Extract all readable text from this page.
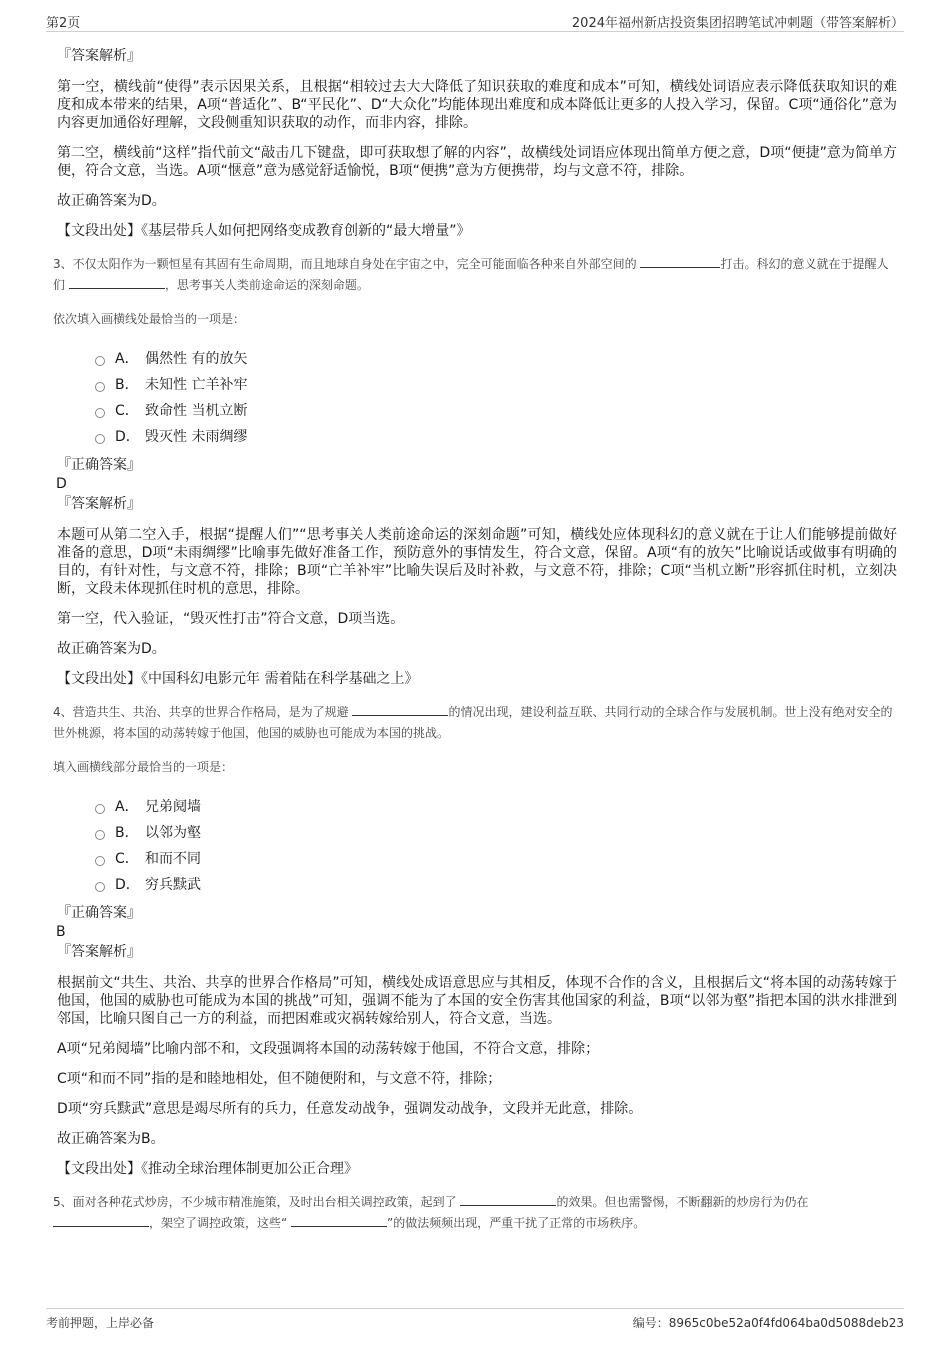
第2页	2024年福州新店投资集团招聘笔试冲刺题（带答案解析）

『答案解析』

第一空，横线前“使得”表示因果关系，且根据“相较过去大大降低了知识获取的难度和成本”可知，横线处词语应表示降低获取知识的难度和成本带来的结果，A项“普适化”、B“平民化”、D“大众化”均能体现出难度和成本降低让更多的人投入学习，保留。C项“通俗化”意为内容更加通俗好理解，文段侧重知识获取的动作，而非内容，排除。

第二空，横线前“这样”指代前文“敲击几下键盘，即可获取想了解的内容”，故横线处词语应体现出简单方便之意，D项“便捷”意为简单方便，符合文意，当选。A项“惬意”意为感觉舒适愉悦，B项“便携”意为方便携带，均与文意不符，排除。

故正确答案为D。

【文段出处】《基层带兵人如何把网络变成教育创新的“最大增量”》

3、不仅太阳作为一颗恒星有其固有生命周期，而且地球自身处在宇宙之中，完全可能面临各种来自外部空间的	打击。科幻的意义就在于提醒人们	，思考事关人类前途命运的深刻命题。

依次填入画横线处最恰当的一项是：

A． 偶然性 有的放矢
B． 未知性 亡羊补牢
C． 致命性 当机立断
D． 毁灭性 未雨绸缪

『正确答案』

D

『答案解析』

本题可从第二空入手，根据“提醒人们”“思考事关人类前途命运的深刻命题”可知，横线处应体现科幻的意义就在于让人们能够提前做好准备的意思，D项“未雨绸缪”比喻事先做好准备工作，预防意外的事情发生，符合文意，保留。A项“有的放矢”比喻说话或做事有明确的目的，有针对性，与文意不符，排除；B项“亡羊补牢”比喻失误后及时补救，与文意不符，排除；C项“当机立断”形容抓住时机，立刻决断，文段未体现抓住时机的意思，排除。

第一空，代入验证，“毁灭性打击”符合文意，D项当选。

故正确答案为D。

【文段出处】《中国科幻电影元年 需着陆在科学基础之上》

4、营造共生、共治、共享的世界合作格局，是为了规避	的情况出现，建设利益互联、共同行动的全球合作与发展机制。世上没有绝对安全的世外桃源，将本国的动荡转嫁于他国，他国的威胁也可能成为本国的挑战。

填入画横线部分最恰当的一项是：

A． 兄弟阋墙
B． 以邻为壑
C． 和而不同
D． 穷兵黩武

『正确答案』

B

『答案解析』

根据前文“共生、共治、共享的世界合作格局”可知，横线处成语意思应与其相反，体现不合作的含义，且根据后文“将本国的动荡转嫁于他国，他国的威胁也可能成为本国的挑战”可知，强调不能为了本国的安全伤害其他国家的利益，B项“以邻为壑”指把本国的洪水排泄到邻国，比喻只图自己一方的利益，而把困难或灾祸转嫁给别人，符合文意，当选。

A项“兄弟阋墙”比喻内部不和，文段强调将本国的动荡转嫁于他国，不符合文意，排除；

C项“和而不同”指的是和睦地相处，但不随便附和，与文意不符，排除；

D项“穷兵黩武”意思是竭尽所有的兵力，任意发动战争，强调发动战争，文段并无此意，排除。

故正确答案为B。

【文段出处】《推动全球治理体制更加公正合理》

5、面对各种花式炒房，不少城市精准施策，及时出台相关调控政策，起到了	的效果。但也需警惕，不断翻新的炒房行为仍在 ，架空了调控政策，这些“	”的做法频频出现，严重干扰了正常的市场秩序。

考前押题，上岸必备	编号：8965c0be52a0f4fd064ba0d5088deb23
